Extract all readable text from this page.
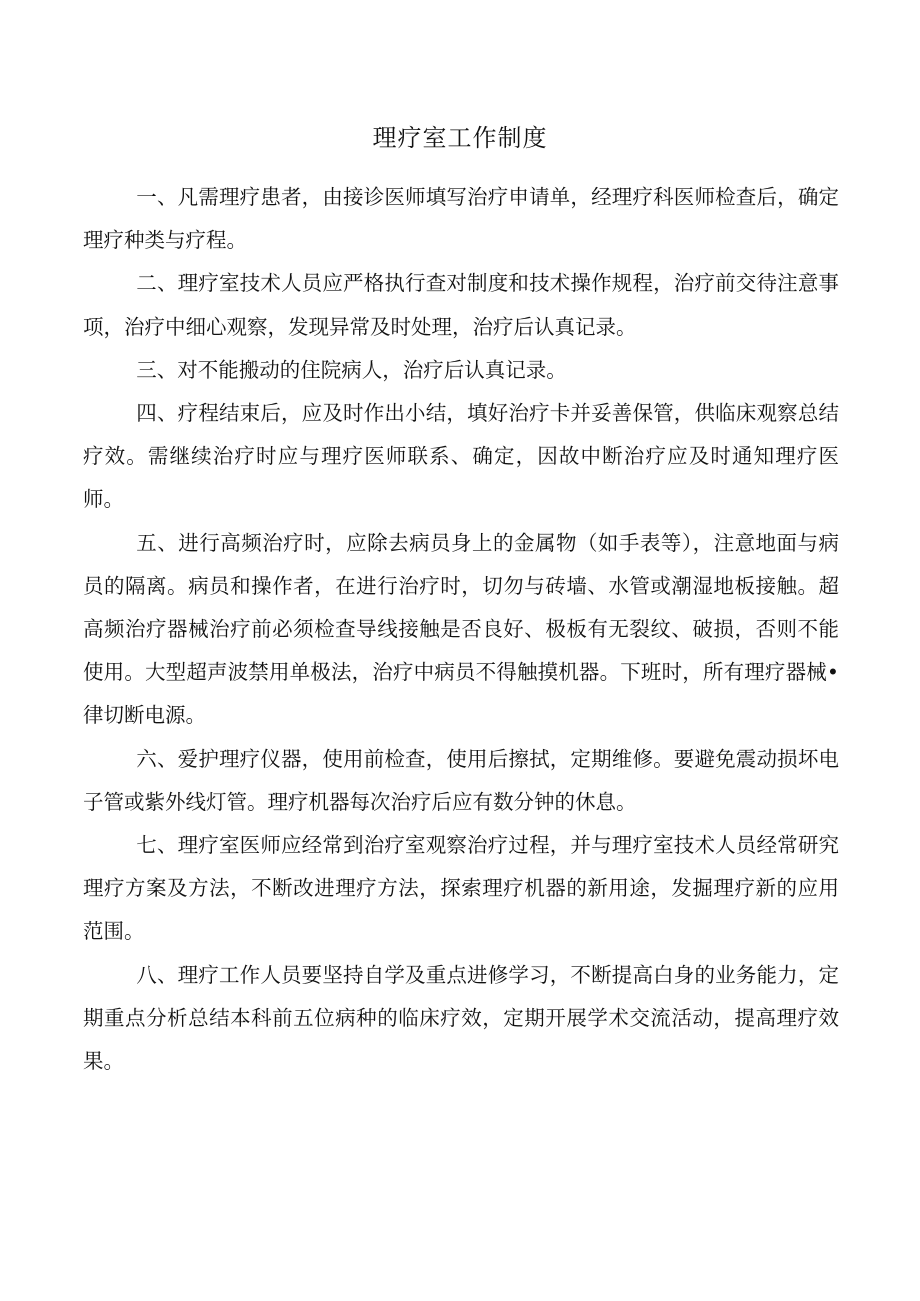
理疗室工作制度

一、凡需理疗患者，由接诊医师填写治疗申请单，经理疗科医师检查后，确定理疗种类与疗程。

二、理疗室技术人员应严格执行查对制度和技术操作规程，治疗前交待注意事项，治疗中细心观察，发现异常及时处理，治疗后认真记录。

三、对不能搬动的住院病人，治疗后认真记录。

四、疗程结束后，应及时作出小结，填好治疗卡并妥善保管，供临床观察总结疗效。需继续治疗时应与理疗医师联系、确定，因故中断治疗应及时通知理疗医师。

五、进行高频治疗时，应除去病员身上的金属物（如手表等），注意地面与病员的隔离。病员和操作者，在进行治疗时，切勿与砖墙、水管或潮湿地板接触。超高频治疗器械治疗前必须检查导线接触是否良好、极板有无裂纹、破损，否则不能使用。大型超声波禁用单极法，治疗中病员不得触摸机器。下班时，所有理疗器械•律切断电源。

六、爱护理疗仪器，使用前检查，使用后擦拭，定期维修。要避免震动损坏电子管或紫外线灯管。理疗机器每次治疗后应有数分钟的休息。

七、理疗室医师应经常到治疗室观察治疗过程，并与理疗室技术人员经常研究理疗方案及方法，不断改进理疗方法，探索理疗机器的新用途，发掘理疗新的应用范围。

八、理疗工作人员要坚持自学及重点进修学习，不断提高白身的业务能力，定期重点分析总结本科前五位病种的临床疗效，定期开展学术交流活动，提高理疗效果。
